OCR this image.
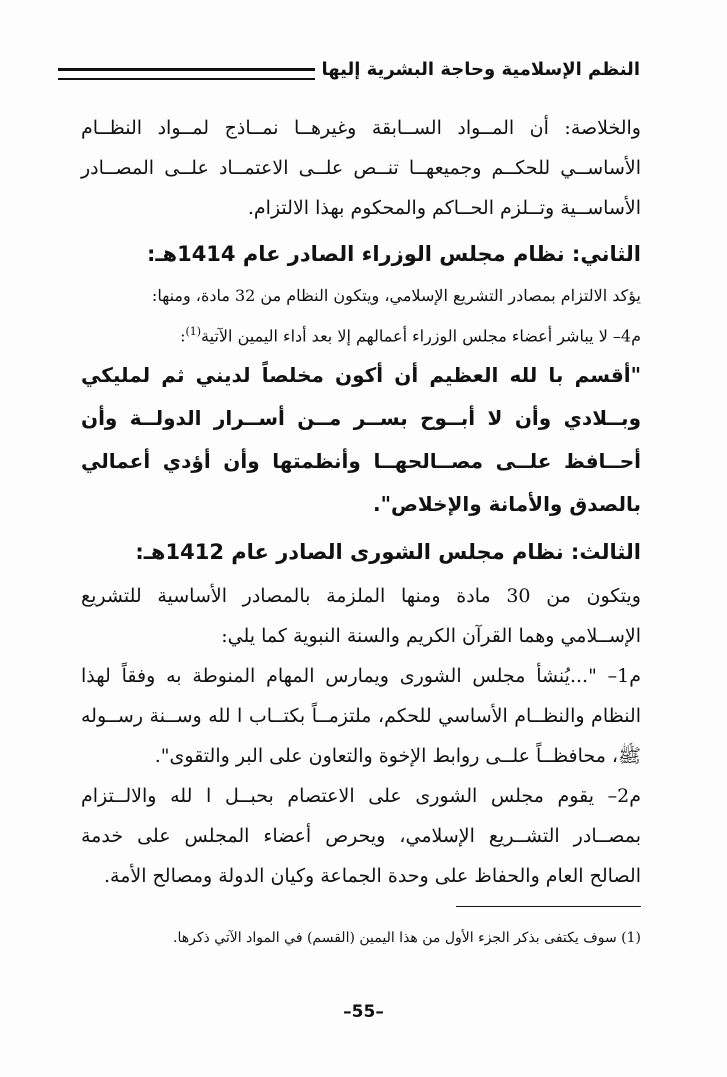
النظم الإسلامية وحاجة البشرية إليها

والخلاصة: أن المــواد الســابقة وغيرهــا نمــاذج لمــواد النظــام الأساســي للحكــم وجميعهــا تنــص علــى الاعتمــاد علــى المصــادر الأساســية وتــلزم الحــاكم والمحكوم بهذا الالتزام.

الثاني: نظام مجلس الوزراء الصادر عام 1414هـ:

يؤكد الالتزام بمصادر التشريع الإسلامي، ويتكون النظام من 32 مادة، ومنها:

م4– لا يباشر أعضاء مجلس الوزراء أعمالهم إلا بعد أداء اليمين الآتية$^{(1)}$:

"أقسم با لله العظيم أن أكون مخلصاً لديني ثم لمليكي وبــلادي وأن لا أبــوح بســر مــن أســرار الدولــة وأن أحــافظ علــى مصــالحهــا وأنظمتها وأن أؤدي أعمالي بالصدق والأمانة والإخلاص".

الثالث: نظام مجلس الشورى الصادر عام 1412هـ:

ويتكون من 30 مادة ومنها الملزمة بالمصادر الأساسية للتشريع الإســلامي وهما القرآن الكريم والسنة النبوية كما يلي:

م1– "...يُنشأ مجلس الشورى ويمارس المهام المنوطة به وفقاً لهذا النظام والنظــام الأساسي للحكم، ملتزمــاً بكتــاب ا لله وســنة رســوله ﷺ، محافظــاً علــى روابط الإخوة والتعاون على البر والتقوى".

م2– يقوم مجلس الشورى على الاعتصام بحبــل ا لله والالــتزام بمصــادر التشــريع الإسلامي، ويحرص أعضاء المجلس على خدمة الصالح العام والحفاظ على وحدة الجماعة وكيان الدولة ومصالح الأمة.

(1) سوف يكتفى بذكر الجزء الأول من هذا اليمين (القسم) في المواد الآتي ذكرها.
–55–
